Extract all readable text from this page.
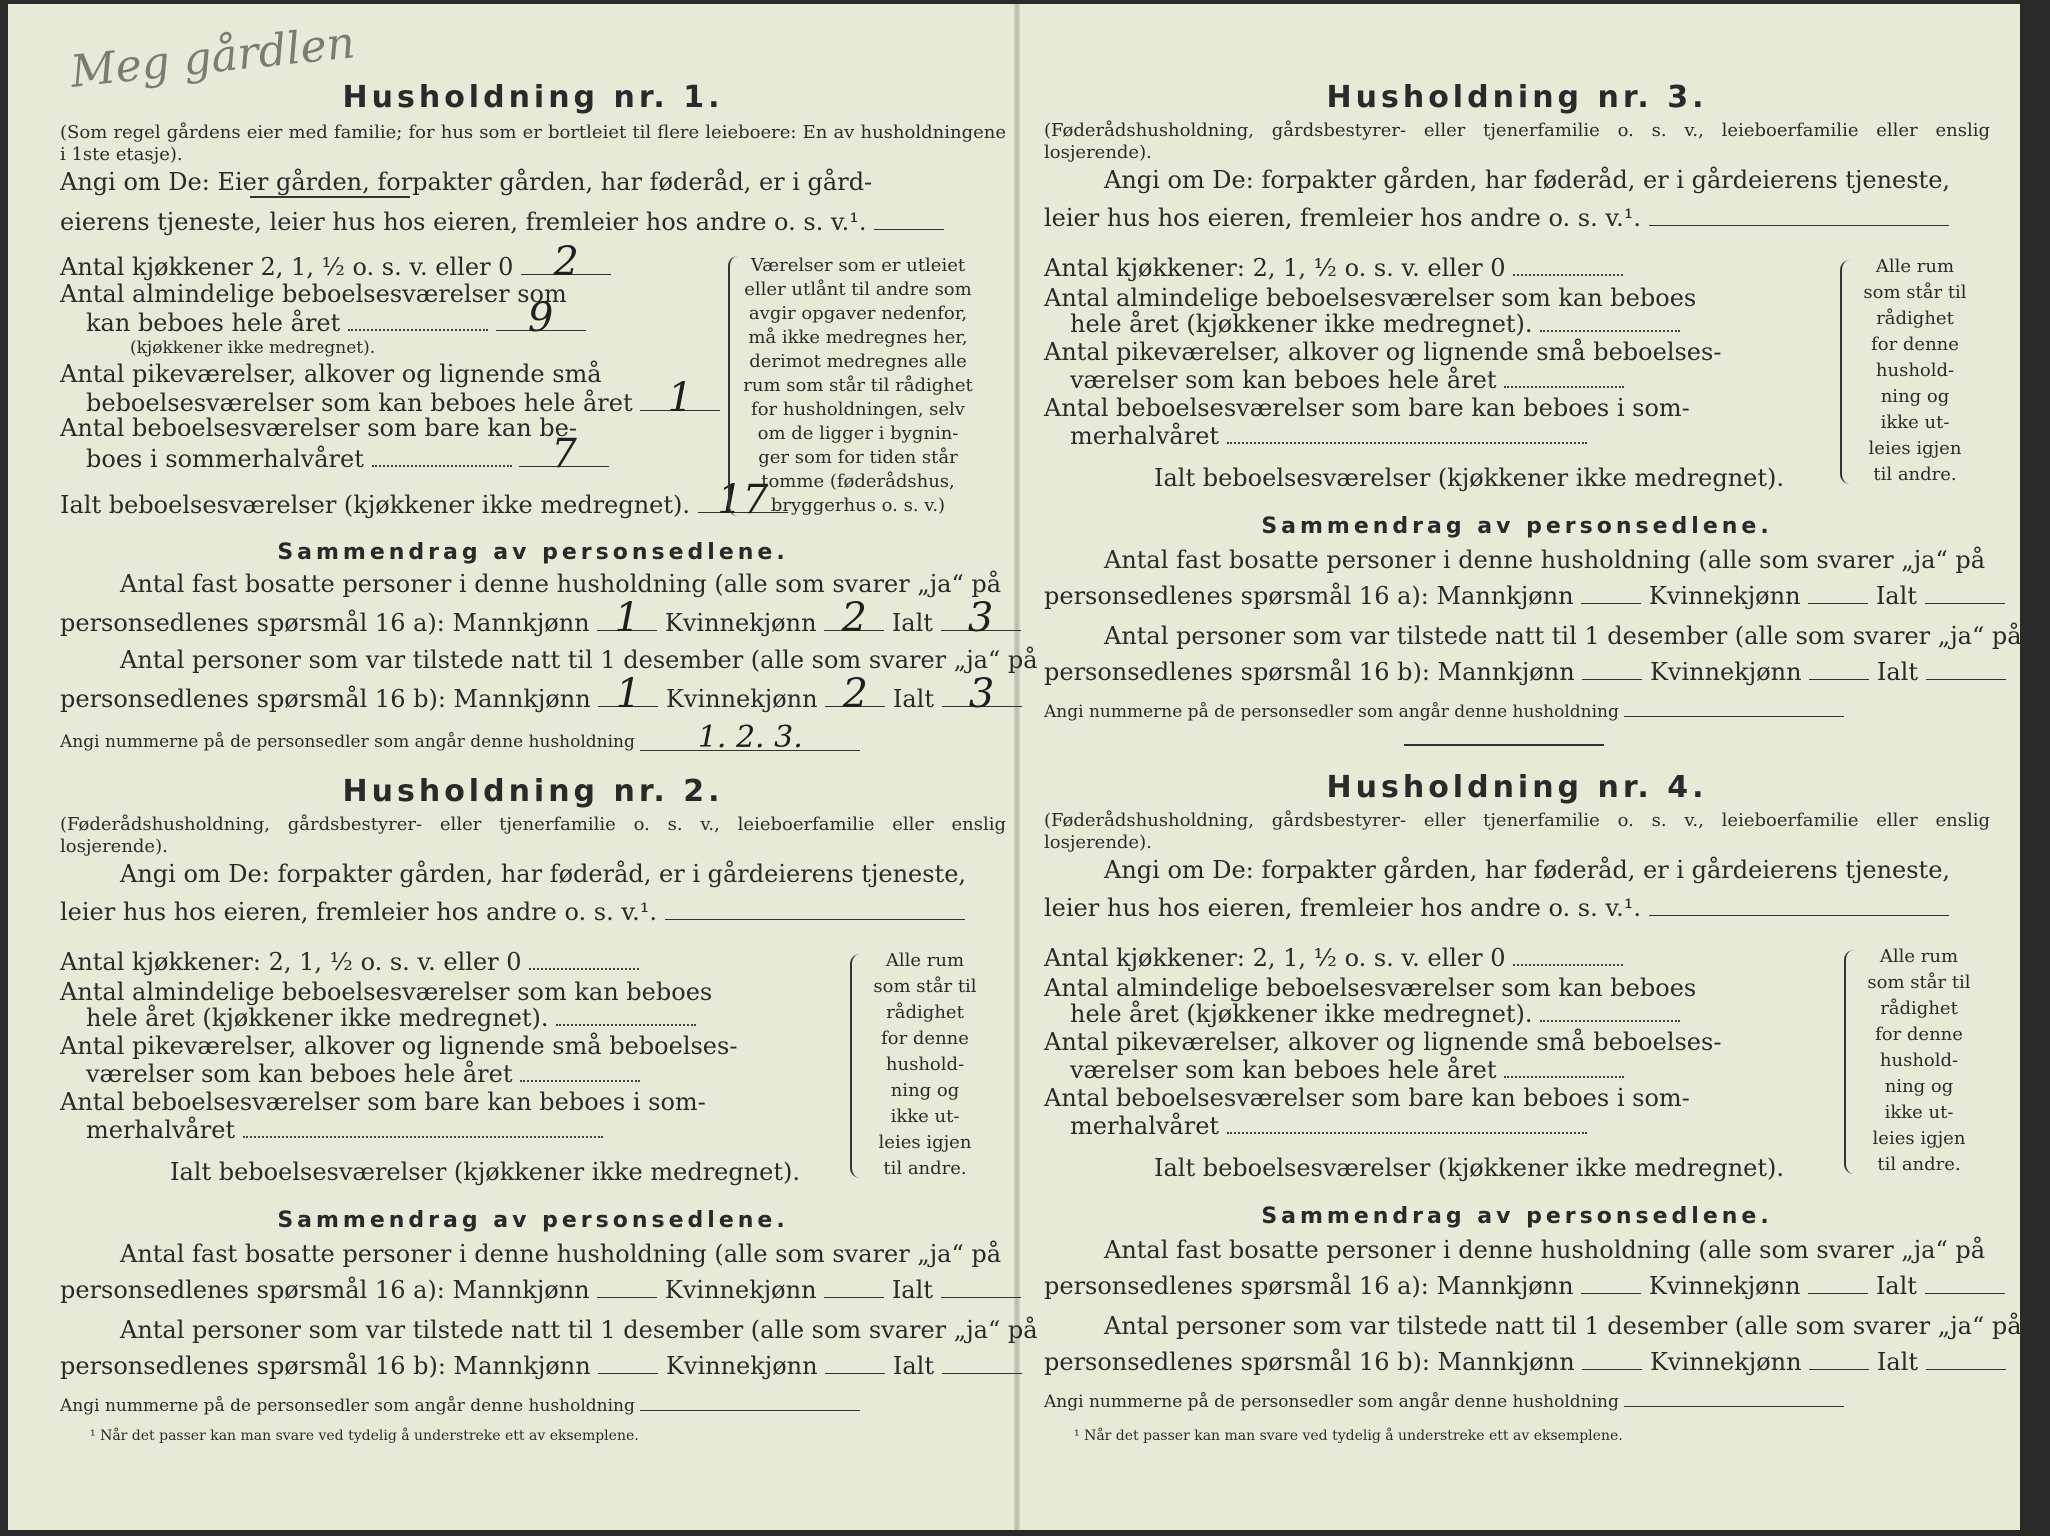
Meg gårdlen
Husholdning nr. 1.
(Som regel gårdens eier med familie; for hus som er bortleiet til flere leieboere: En av husholdningene i 1ste etasje).
Angi om De: Eier gården, forpakter gården, har føderåd, er i gård-
eierens tjeneste, leier hus hos eieren, fremleier hos andre o. s. v.¹.
Antal kjøkkener 2, 1, ½ o. s. v. eller 0 2
Antal almindelige beboelsesværelser som
kan beboes hele året	9
(kjøkkener ikke medregnet).
Antal pikeværelser, alkover og lignende små
beboelsesværelser som kan beboes hele året 1
Antal beboelsesværelser som bare kan be-
boes i sommerhalvåret	7
Ialt beboelsesværelser (kjøkkener ikke medregnet). 17
Værelser som er utleiet
eller utlånt til andre som
avgir opgaver nedenfor,
må ikke medregnes her,
derimot medregnes alle
rum som står til rådighet
for husholdningen, selv
om de ligger i bygnin-
ger som for tiden står
tomme (føderådshus,
bryggerhus o. s. v.)
Sammendrag av personsedlene.
Antal fast bosatte personer i denne husholdning (alle som svarer „ja“ på
personsedlenes spørsmål 16 a): Mannkjønn 1 Kvinnekjønn 2 Ialt 3
Antal personer som var tilstede natt til 1 desember (alle som svarer „ja“ på
personsedlenes spørsmål 16 b): Mannkjønn 1 Kvinnekjønn 2 Ialt 3
Angi nummerne på de personsedler som angår denne husholdning 1. 2. 3.
Husholdning nr. 2.
(Føderådshusholdning, gårdsbestyrer- eller tjenerfamilie o. s. v., leieboerfamilie eller enslig losjerende).
Angi om De: forpakter gården, har føderåd, er i gårdeierens tjeneste,
leier hus hos eieren, fremleier hos andre o. s. v.¹.
Antal kjøkkener: 2, 1, ½ o. s. v. eller 0
Antal almindelige beboelsesværelser som kan beboes
hele året (kjøkkener ikke medregnet).
Antal pikeværelser, alkover og lignende små beboelses-
værelser som kan beboes hele året
Antal beboelsesværelser som bare kan beboes i som-
merhalvåret
Ialt beboelsesværelser (kjøkkener ikke medregnet).
Alle rum
som står til
rådighet
for denne
hushold-
ning og
ikke ut-
leies igjen
til andre.
Sammendrag av personsedlene.
Antal fast bosatte personer i denne husholdning (alle som svarer „ja“ på
personsedlenes spørsmål 16 a): Mannkjønn	Kvinnekjønn	Ialt
Antal personer som var tilstede natt til 1 desember (alle som svarer „ja“ på
personsedlenes spørsmål 16 b): Mannkjønn	Kvinnekjønn	Ialt
Angi nummerne på de personsedler som angår denne husholdning
¹ Når det passer kan man svare ved tydelig å understreke ett av eksemplene.
Husholdning nr. 3.
(Føderådshusholdning, gårdsbestyrer- eller tjenerfamilie o. s. v., leieboerfamilie eller enslig losjerende).
Angi om De: forpakter gården, har føderåd, er i gårdeierens tjeneste,
leier hus hos eieren, fremleier hos andre o. s. v.¹.
Antal kjøkkener: 2, 1, ½ o. s. v. eller 0
Antal almindelige beboelsesværelser som kan beboes
hele året (kjøkkener ikke medregnet).
Antal pikeværelser, alkover og lignende små beboelses-
værelser som kan beboes hele året
Antal beboelsesværelser som bare kan beboes i som-
merhalvåret
Ialt beboelsesværelser (kjøkkener ikke medregnet).
Alle rum
som står til
rådighet
for denne
hushold-
ning og
ikke ut-
leies igjen
til andre.
Sammendrag av personsedlene.
Antal fast bosatte personer i denne husholdning (alle som svarer „ja“ på
personsedlenes spørsmål 16 a): Mannkjønn	Kvinnekjønn	Ialt
Antal personer som var tilstede natt til 1 desember (alle som svarer „ja“ på
personsedlenes spørsmål 16 b): Mannkjønn	Kvinnekjønn	Ialt
Angi nummerne på de personsedler som angår denne husholdning
Husholdning nr. 4.
(Føderådshusholdning, gårdsbestyrer- eller tjenerfamilie o. s. v., leieboerfamilie eller enslig losjerende).
Angi om De: forpakter gården, har føderåd, er i gårdeierens tjeneste,
leier hus hos eieren, fremleier hos andre o. s. v.¹.
Antal kjøkkener: 2, 1, ½ o. s. v. eller 0
Antal almindelige beboelsesværelser som kan beboes
hele året (kjøkkener ikke medregnet).
Antal pikeværelser, alkover og lignende små beboelses-
værelser som kan beboes hele året
Antal beboelsesværelser som bare kan beboes i som-
merhalvåret
Ialt beboelsesværelser (kjøkkener ikke medregnet).
Alle rum
som står til
rådighet
for denne
hushold-
ning og
ikke ut-
leies igjen
til andre.
Sammendrag av personsedlene.
Antal fast bosatte personer i denne husholdning (alle som svarer „ja“ på
personsedlenes spørsmål 16 a): Mannkjønn	Kvinnekjønn	Ialt
Antal personer som var tilstede natt til 1 desember (alle som svarer „ja“ på
personsedlenes spørsmål 16 b): Mannkjønn	Kvinnekjønn	Ialt
Angi nummerne på de personsedler som angår denne husholdning
¹ Når det passer kan man svare ved tydelig å understreke ett av eksemplene.
